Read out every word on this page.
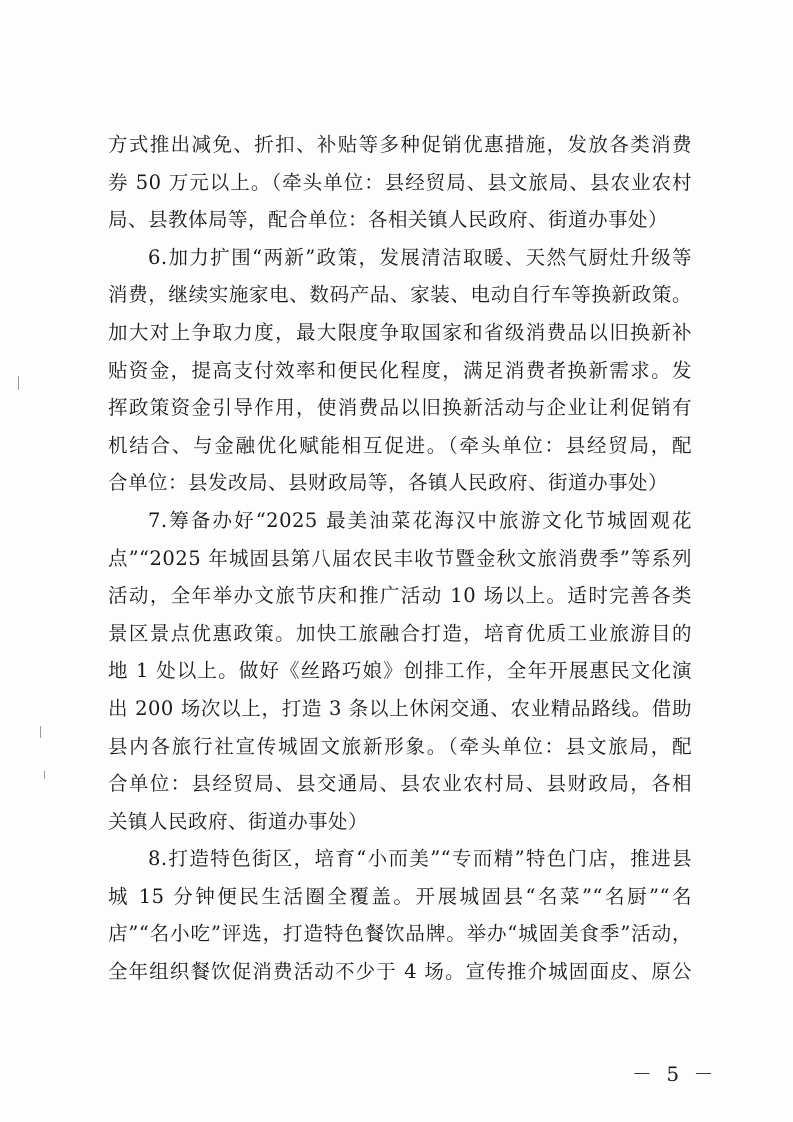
方式推出减免、折扣、补贴等多种促销优惠措施，发放各类消费
券 50 万元以上。（牵头单位：县经贸局、县文旅局、县农业农村
局、县教体局等，配合单位：各相关镇人民政府、街道办事处）
6.加力扩围“两新”政策，发展清洁取暖、天然气厨灶升级等
消费，继续实施家电、数码产品、家装、电动自行车等换新政策。
加大对上争取力度，最大限度争取国家和省级消费品以旧换新补
贴资金，提高支付效率和便民化程度，满足消费者换新需求。发
挥政策资金引导作用，使消费品以旧换新活动与企业让利促销有
机结合、与金融优化赋能相互促进。（牵头单位：县经贸局，配
合单位：县发改局、县财政局等，各镇人民政府、街道办事处）
7.筹备办好“2025 最美油菜花海汉中旅游文化节城固观花
点”“2025 年城固县第八届农民丰收节暨金秋文旅消费季”等系列
活动，全年举办文旅节庆和推广活动 10 场以上。适时完善各类
景区景点优惠政策。加快工旅融合打造，培育优质工业旅游目的
地 1 处以上。做好《丝路巧娘》创排工作，全年开展惠民文化演
出 200 场次以上，打造 3 条以上休闲交通、农业精品路线。借助
县内各旅行社宣传城固文旅新形象。（牵头单位：县文旅局，配
合单位：县经贸局、县交通局、县农业农村局、县财政局，各相
关镇人民政府、街道办事处）
8.打造特色街区，培育“小而美”“专而精”特色门店，推进县
城 15 分钟便民生活圈全覆盖。开展城固县“名菜”“名厨”“名
店”“名小吃”评选，打造特色餐饮品牌。举办“城固美食季”活动，
全年组织餐饮促消费活动不少于 4 场。宣传推介城固面皮、原公
－ 5 －
